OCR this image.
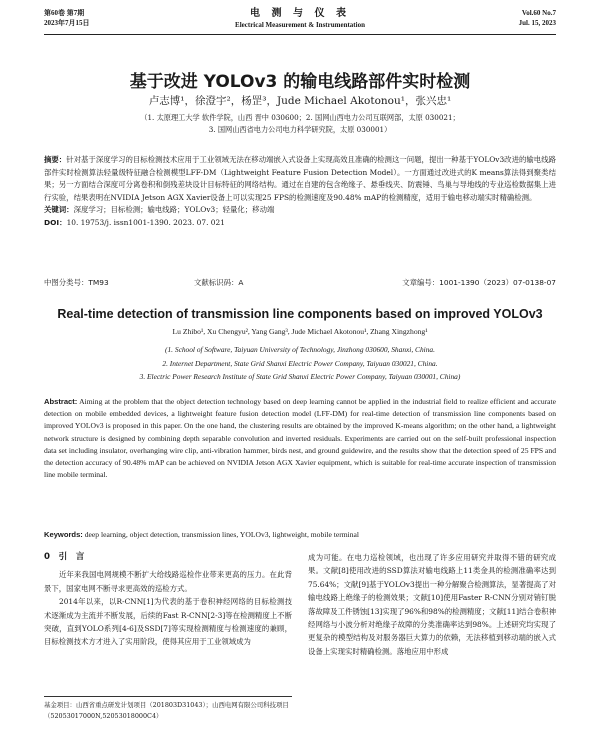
第60卷 第7期
2023年7月15日
电 测 与 仪 表
Electrical Measurement & Instrumentation
Vol.60 No.7
Jul. 15, 2023
基于改进 YOLOv3 的输电线路部件实时检测
卢志博¹，徐澄宇²，杨罡³，Jude Michael Akotonou¹，张兴忠¹
（1. 太原理工大学 软件学院，山西 晋中 030600；2. 国网山西电力公司互联网部，太原 030021；
3. 国网山西省电力公司电力科学研究院，太原 030001）
摘要：针对基于深度学习的目标检测技术应用于工业领域无法在移动端嵌入式设备上实现高效且准确的检测这一问题，提出一种基于YOLOv3改进的输电线路部件实时检测算法轻量级特征融合检测模型LFF-DM（Lightweight Feature Fusion Detection Model）。一方面通过改进式的K means算法得到聚类结果；另一方面结合深度可分离卷积和倒残差块设计目标特征的网络结构。通过在自建的包含绝缘子、悬垂线夹、防震锤、鸟巢与导地线的专业巡检数据集上进行实验，结果表明在NVIDIA Jetson AGX Xavier设备上可以实现25 FPS的检测速度及90.48% mAP的检测精度，适用于输电移动端实时精确检测。
关键词：深度学习；目标检测；输电线路；YOLOv3；轻量化；移动端
DOI：10. 19753/j. issn1001-1390. 2023. 07. 021
中图分类号：TM93	文献标识码：A	文章编号：1001-1390（2023）07-0138-07
Real-time detection of transmission line components based on improved YOLOv3
Lu Zhibo¹, Xu Chengyu², Yang Gang³, Jude Michael Akotonou¹, Zhang Xingzhong¹
(1. School of Software, Taiyuan University of Technology, Jinzhong 030600, Shanxi, China.
2. Internet Department, State Grid Shanxi Electric Power Company, Taiyuan 030021, China.
3. Electric Power Research Institute of State Grid Shanxi Electric Power Company, Taiyuan 030001, China)
Abstract: Aiming at the problem that the object detection technology based on deep learning cannot be applied in the industrial field to realize efficient and accurate detection on mobile embedded devices, a lightweight feature fusion detection model (LFF-DM) for real-time detection of transmission line components based on improved YOLOv3 is proposed in this paper. On the one hand, the clustering results are obtained by the improved K-means algorithm; on the other hand, a lightweight network structure is designed by combining depth separable convolution and inverted residuals. Experiments are carried out on the self-built professional inspection data set including insulator, overhanging wire clip, anti-vibration hammer, birds nest, and ground guidewire, and the results show that the detection speed of 25 FPS and the detection accuracy of 90.48% mAP can be achieved on NVIDIA Jetson AGX Xavier equipment, which is suitable for real-time accurate inspection of transmission line mobile terminal.
Keywords: deep learning, object detection, transmission lines, YOLOv3, lightweight, mobile terminal
0　引　言

近年来我国电网规模不断扩大给线路巡检作业带来更高的压力。在此背景下，国家电网不断寻求更高效的巡检方式。

2014年以来，以R-CNN[1]为代表的基于卷积神经网络的目标检测技术逐渐成为主流并不断发展，后续的Fast R-CNN[2-3]等在检测精度上不断突破，直到YOLO系列[4-6]及SSD[7]等实现检测精度与检测速度的兼顾，目标检测技术方才进入了实用阶段，使得其应用于工业领域成为

成为可能。在电力巡检领域，也出现了许多应用研究并取得不错的研究成果。文献[8]使用改进的SSD算法对输电线路上11类金具的检测准确率达到75.64%；文献[9]基于YOLOv3提出一种分解聚合检测算法，显著提高了对输电线路上绝缘子的检测效果；文献[10]使用Faster R-CNN分别对销钉脱落故障及工件锈蚀[13]实现了96%和98%的检测精度；文献[11]结合卷积神经网络与小波分析对绝缘子故障的分类准确率达到98%。上述研究均实现了更复杂的模型结构及对服务器巨大算力的依赖，无法移植到移动端的嵌入式设备上实现实时精确检测。落地应用中形成

基金项目：山西省重点研发计划项目（201803D31043）；山西电网有限公司科技项目（52053017000N,52053018000C4）
